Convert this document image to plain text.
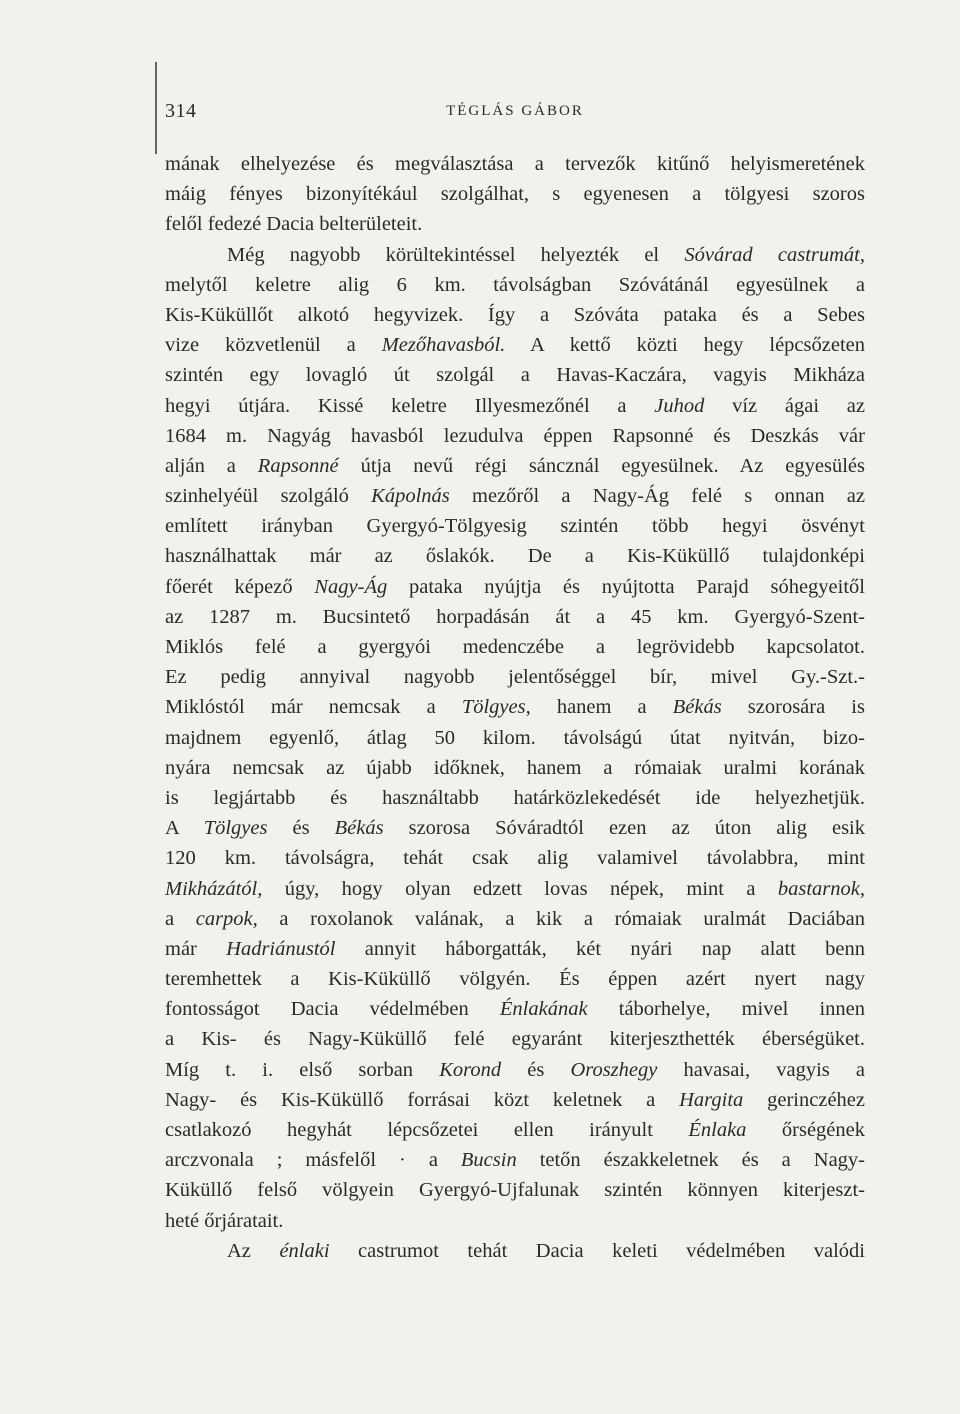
314	TÉGLÁS GÁBOR
mának elhelyezése és megválasztása a tervezők kitűnő helyismeretének
máig fényes bizonyítékául szolgálhat, s egyenesen a tölgyesi szoros
felől fedezé Dacia belterületeit.
Még nagyobb körültekintéssel helyezték el Sóvárad castrumát,
melytől keletre alig 6 km. távolságban Szóvátánál egyesülnek a
Kis-Küküllőt alkotó hegyvizek. Így a Szóváta pataka és a Sebes
vize közvetlenül a Mezőhavasból. A kettő közti hegy lépcsőzeten
szintén egy lovagló út szolgál a Havas-Kaczára, vagyis Mikháza
hegyi útjára. Kissé keletre Illyesmezőnél a Juhod víz ágai az
1684 m. Nagyág havasból lezudulva éppen Rapsonné és Deszkás vár
alján a Rapsonné útja nevű régi sáncznál egyesülnek. Az egyesülés
szinhelyéül szolgáló Kápolnás mezőről a Nagy-Ág felé s onnan az
említett irányban Gyergyó-Tölgyesig szintén több hegyi ösvényt
használhattak már az őslakók. De a Kis-Küküllő tulajdonképi
főerét képező Nagy-Ág pataka nyújtja és nyújtotta Parajd sóhegyeitől
az 1287 m. Bucsintető horpadásán át a 45 km. Gyergyó-Szent-
Miklós felé a gyergyói medenczébe a legrövidebb kapcsolatot.
Ez pedig annyival nagyobb jelentőséggel bír, mivel Gy.-Szt.-
Miklóstól már nemcsak a Tölgyes, hanem a Békás szorosára is
majdnem egyenlő, átlag 50 kilom. távolságú útat nyitván, bizo-
nyára nemcsak az újabb időknek, hanem a rómaiak uralmi korának
is legjártabb és használtabb határközlekedését ide helyezhetjük.
A Tölgyes és Békás szorosa Sóváradtól ezen az úton alig esik
120 km. távolságra, tehát csak alig valamivel távolabbra, mint
Mikházától, úgy, hogy olyan edzett lovas népek, mint a bastarnok,
a carpok, a roxolanok valának, a kik a rómaiak uralmát Daciában
már Hadriánustól annyit háborgatták, két nyári nap alatt benn
teremhettek a Kis-Küküllő völgyén. És éppen azért nyert nagy
fontosságot Dacia védelmében Énlakának táborhelye, mivel innen
a Kis- és Nagy-Küküllő felé egyaránt kiterjeszthették éberségüket.
Míg t. i. első sorban Korond és Oroszhegy havasai, vagyis a
Nagy- és Kis-Küküllő forrásai közt keletnek a Hargita gerinczéhez
csatlakozó hegyhát lépcsőzetei ellen irányult Énlaka őrségének
arczvonala ; másfelől · a Bucsin tetőn északkeletnek és a Nagy-
Küküllő felső völgyein Gyergyó-Ujfalunak szintén könnyen kiterjeszt-
heté őrjáratait.
Az énlaki castrumot tehát Dacia keleti védelmében valódi
